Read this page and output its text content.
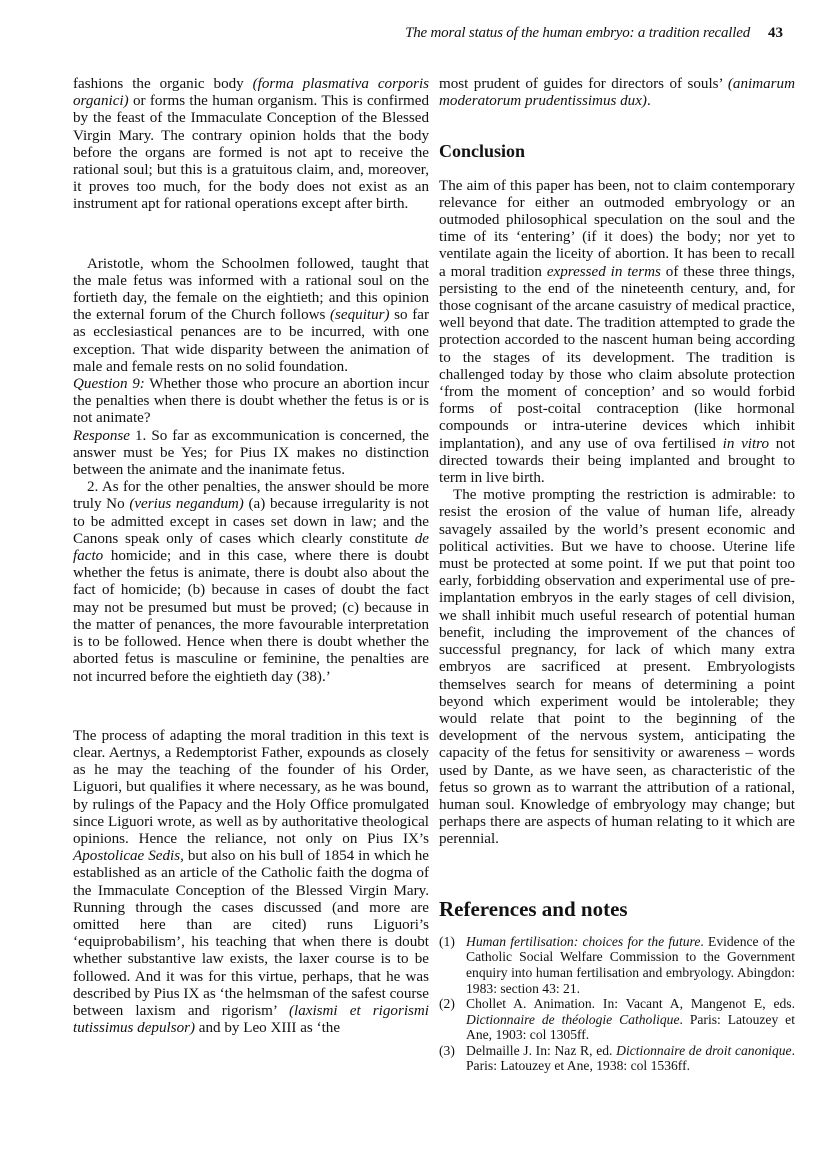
The moral status of the human embryo: a tradition recalled 43

fashions the organic body (forma plasmativa corporis organici) or forms the human organism. This is confirmed by the feast of the Immaculate Conception of the Blessed Virgin Mary. The contrary opinion holds that the body before the organs are formed is not apt to receive the rational soul; but this is a gratuitous claim, and, moreover, it proves too much, for the body does not exist as an instrument apt for rational operations except after birth.

Aristotle, whom the Schoolmen followed, taught that the male fetus was informed with a rational soul on the fortieth day, the female on the eightieth; and this opinion the external forum of the Church follows (sequitur) so far as ecclesiastical penances are to be incurred, with one exception. That wide disparity between the animation of male and female rests on no solid foundation.

Question 9: Whether those who procure an abortion incur the penalties when there is doubt whether the fetus is or is not animate?

Response 1. So far as excommunication is concerned, the answer must be Yes; for Pius IX makes no distinction between the animate and the inanimate fetus.

2. As for the other penalties, the answer should be more truly No (verius negandum) (a) because irregularity is not to be admitted except in cases set down in law; and the Canons speak only of cases which clearly constitute de facto homicide; and in this case, where there is doubt whether the fetus is animate, there is doubt also about the fact of homicide; (b) because in cases of doubt the fact may not be presumed but must be proved; (c) because in the matter of penances, the more favourable interpretation is to be followed. Hence when there is doubt whether the aborted fetus is masculine or feminine, the penalties are not incurred before the eightieth day (38).’

The process of adapting the moral tradition in this text is clear. Aertnys, a Redemptorist Father, expounds as closely as he may the teaching of the founder of his Order, Liguori, but qualifies it where necessary, as he was bound, by rulings of the Papacy and the Holy Office promulgated since Liguori wrote, as well as by authoritative theological opinions. Hence the reliance, not only on Pius IX’s Apostolicae Sedis, but also on his bull of 1854 in which he established as an article of the Catholic faith the dogma of the Immaculate Conception of the Blessed Virgin Mary. Running through the cases discussed (and more are omitted here than are cited) runs Liguori’s ‘equiprobabilism’, his teaching that when there is doubt whether substantive law exists, the laxer course is to be followed. And it was for this virtue, perhaps, that he was described by Pius IX as ‘the helmsman of the safest course between laxism and rigorism’ (laxismi et rigorismi tutissimus depulsor) and by Leo XIII as ‘the

most prudent of guides for directors of souls’ (animarum moderatorum prudentissimus dux).

Conclusion

The aim of this paper has been, not to claim contemporary relevance for either an outmoded embryology or an outmoded philosophical speculation on the soul and the time of its ‘entering’ (if it does) the body; nor yet to ventilate again the liceity of abortion. It has been to recall a moral tradition expressed in terms of these three things, persisting to the end of the nineteenth century, and, for those cognisant of the arcane casuistry of medical practice, well beyond that date. The tradition attempted to grade the protection accorded to the nascent human being according to the stages of its development. The tradition is challenged today by those who claim absolute protection ‘from the moment of conception’ and so would forbid forms of post-coital contraception (like hormonal compounds or intra-uterine devices which inhibit implantation), and any use of ova fertilised in vitro not directed towards their being implanted and brought to term in live birth.

The motive prompting the restriction is admirable: to resist the erosion of the value of human life, already savagely assailed by the world’s present economic and political activities. But we have to choose. Uterine life must be protected at some point. If we put that point too early, forbidding observation and experimental use of pre-implantation embryos in the early stages of cell division, we shall inhibit much useful research of potential human benefit, including the improvement of the chances of successful pregnancy, for lack of which many extra embryos are sacrificed at present. Embryologists themselves search for means of determining a point beyond which experiment would be intolerable; they would relate that point to the beginning of the development of the nervous system, anticipating the capacity of the fetus for sensitivity or awareness – words used by Dante, as we have seen, as characteristic of the fetus so grown as to warrant the attribution of a rational, human soul. Knowledge of embryology may change; but perhaps there are aspects of human relating to it which are perennial.

References and notes
(1) Human fertilisation: choices for the future. Evidence of the Catholic Social Welfare Commission to the Government enquiry into human fertilisation and embryology. Abingdon: 1983: section 43: 21.
(2) Chollet A. Animation. In: Vacant A, Mangenot E, eds. Dictionnaire de théologie Catholique. Paris: Latouzey et Ane, 1903: col 1305ff.
(3) Delmaille J. In: Naz R, ed. Dictionnaire de droit canonique. Paris: Latouzey et Ane, 1938: col 1536ff.
